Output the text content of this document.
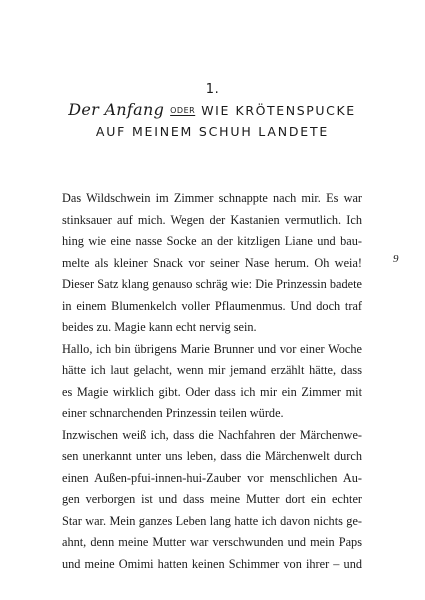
1.
Der Anfang ODER WIE KRÖTENSPUCKE
AUF MEINEM SCHUH LANDETE
9
Das Wildschwein im Zimmer schnappte nach mir. Es war
stinksauer auf mich. Wegen der Kastanien vermutlich. Ich
hing wie eine nasse Socke an der kitzligen Liane und bau-
melte als kleiner Snack vor seiner Nase herum. Oh weia!
Dieser Satz klang genauso schräg wie: Die Prinzessin badete
in einem Blumenkelch voller Pflaumenmus. Und doch traf
beides zu. Magie kann echt nervig sein.
Hallo, ich bin übrigens Marie Brunner und vor einer Woche
hätte ich laut gelacht, wenn mir jemand erzählt hätte, dass
es Magie wirklich gibt. Oder dass ich mir ein Zimmer mit
einer schnarchenden Prinzessin teilen würde.
Inzwischen weiß ich, dass die Nachfahren der Märchenwe-
sen unerkannt unter uns leben, dass die Märchenwelt durch
einen Außen-pfui-innen-hui-Zauber vor menschlichen Au-
gen verborgen ist und dass meine Mutter dort ein echter
Star war. Mein ganzes Leben lang hatte ich davon nichts ge-
ahnt, denn meine Mutter war verschwunden und mein Paps
und meine Omimi hatten keinen Schimmer von ihrer – und
